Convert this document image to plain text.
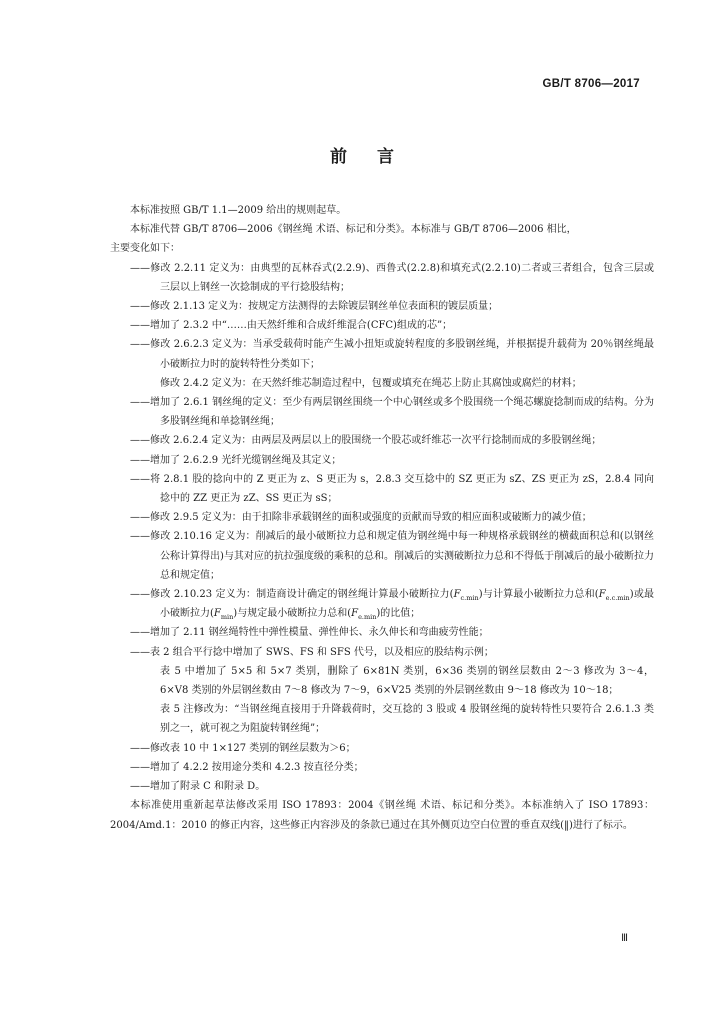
GB/T 8706—2017
前 言

本标准按照 GB/T 1.1—2009 给出的规则起草。

本标准代替 GB/T 8706—2006《钢丝绳 术语、标记和分类》。本标准与 GB/T 8706—2006 相比，

主要变化如下：

——修改 2.2.11 定义为：由典型的瓦林吞式(2.2.9)、西鲁式(2.2.8)和填充式(2.2.10)二者或三者组合，包含三层或三层以上钢丝一次捻制成的平行捻股结构；

——修改 2.1.13 定义为：按规定方法测得的去除镀层钢丝单位表面积的镀层质量；

——增加了 2.3.2 中“……由天然纤维和合成纤维混合(CFC)组成的芯”；

——修改 2.6.2.3 定义为：当承受载荷时能产生减小扭矩或旋转程度的多股钢丝绳，并根据提升载荷为 20％钢丝绳最小破断拉力时的旋转特性分类如下；

修改 2.4.2 定义为：在天然纤维芯制造过程中，包覆或填充在绳芯上防止其腐蚀或腐烂的材料；

——增加了 2.6.1 钢丝绳的定义：至少有两层钢丝围绕一个中心钢丝或多个股围绕一个绳芯螺旋捻制而成的结构。分为多股钢丝绳和单捻钢丝绳；

——修改 2.6.2.4 定义为：由两层及两层以上的股围绕一个股芯或纤维芯一次平行捻制而成的多股钢丝绳；

——增加了 2.6.2.9 光纤光缆钢丝绳及其定义；

——将 2.8.1 股的捻向中的 Z 更正为 z、S 更正为 s，2.8.3 交互捻中的 SZ 更正为 sZ、ZS 更正为 zS，2.8.4 同向捻中的 ZZ 更正为 zZ、SS 更正为 sS；

——修改 2.9.5 定义为：由于扣除非承载钢丝的面积或强度的贡献而导致的相应面积或破断力的减少值；

——修改 2.10.16 定义为：削减后的最小破断拉力总和规定值为钢丝绳中每一种规格承载钢丝的横截面积总和(以钢丝公称计算得出)与其对应的抗拉强度级的乘积的总和。削减后的实测破断拉力总和不得低于削减后的最小破断拉力总和规定值；

——修改 2.10.23 定义为：制造商设计确定的钢丝绳计算最小破断拉力$(F_{c.min})$与计算最小破断拉力总和$(F_{e.c.min})$或最小破断拉力$(F_{min})$与规定最小破断拉力总和$(F_{e.min})$的比值；

——增加了 2.11 钢丝绳特性中弹性模量、弹性伸长、永久伸长和弯曲疲劳性能；

——表 2 组合平行捻中增加了 SWS、FS 和 SFS 代号，以及相应的股结构示例；

表 5 中增加了 5×5 和 5×7 类别，删除了 6×81N 类别，6×36 类别的钢丝层数由 2～3 修改为 3～4，6×V8 类别的外层钢丝数由 7～8 修改为 7～9，6×V25 类别的外层钢丝数由 9～18 修改为 10～18；

表 5 注修改为：“当钢丝绳直接用于升降载荷时，交互捻的 3 股或 4 股钢丝绳的旋转特性只要符合 2.6.1.3 类别之一，就可视之为阻旋转钢丝绳”；

——修改表 10 中 1×127 类别的钢丝层数为＞6；

——增加了 4.2.2 按用途分类和 4.2.3 按直径分类；

——增加了附录 C 和附录 D。

本标准使用重新起草法修改采用 ISO 17893：2004《钢丝绳 术语、标记和分类》。本标准纳入了 ISO 17893：2004/Amd.1：2010 的修正内容，这些修正内容涉及的条款已通过在其外侧页边空白位置的垂直双线(‖)进行了标示。

Ⅲ
